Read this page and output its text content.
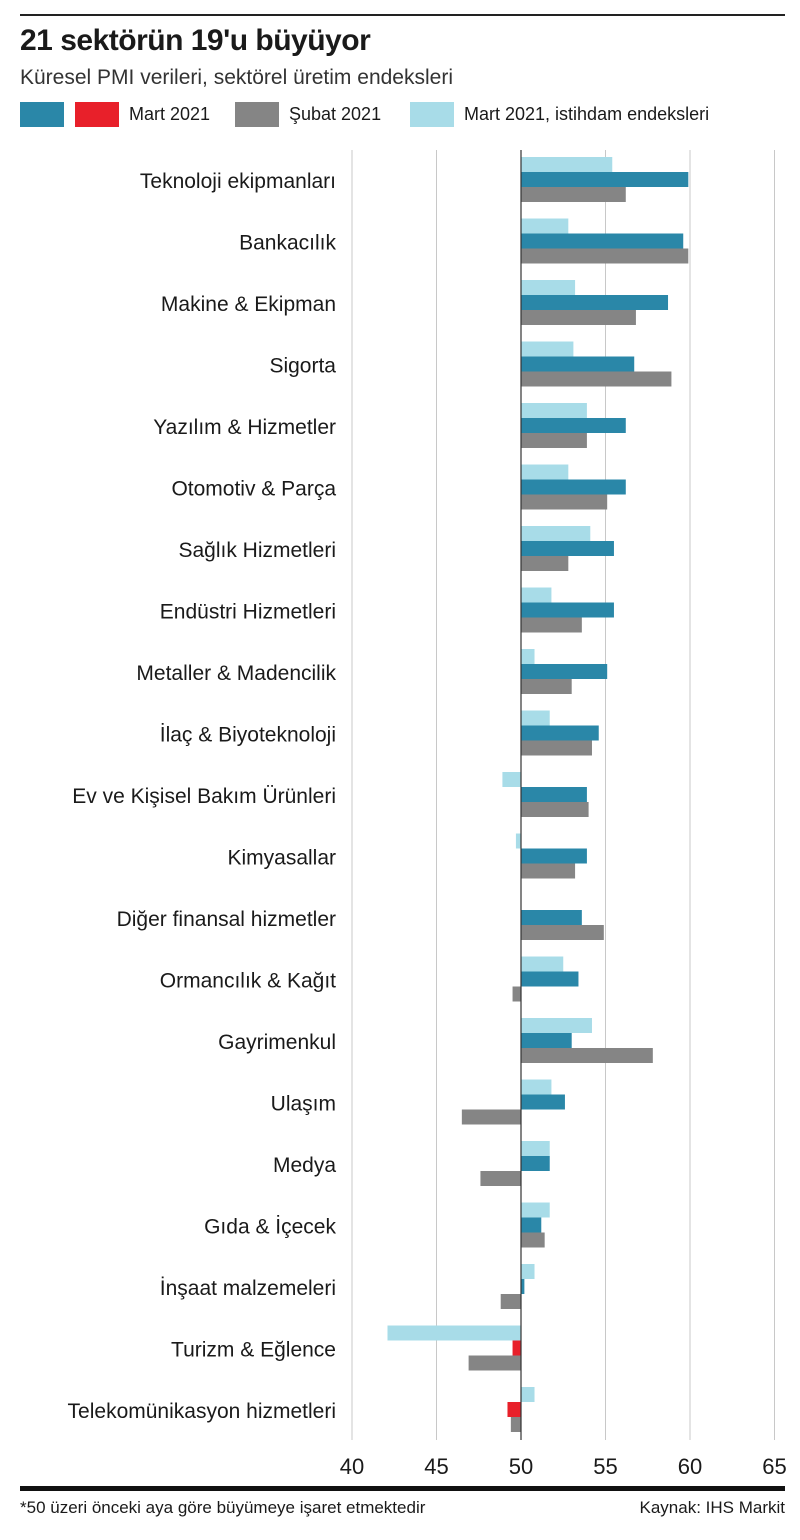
21 sektörün 19'u büyüyor
Küresel PMI verileri, sektörel üretim endeksleri
Mart 2021	Şubat 2021	Mart 2021, istihdam endeksleri
Teknoloji ekipmanları
Bankacılık
Makine & Ekipman
Sigorta
Yazılım & Hizmetler
Otomotiv & Parça
Sağlık Hizmetleri
Endüstri Hizmetleri
Metaller & Madencilik
İlaç & Biyoteknoloji
Ev ve Kişisel Bakım Ürünleri
Kimyasallar
Diğer finansal hizmetler
Ormancılık & Kağıt
Gayrimenkul
Ulaşım
Medya
Gıda & İçecek
İnşaat malzemeleri
Turizm & Eğlence
Telekomünikasyon hizmetleri
40	45	50	55	60	65
*50 üzeri önceki aya göre büyümeye işaret etmektedir	Kaynak: IHS Markit
